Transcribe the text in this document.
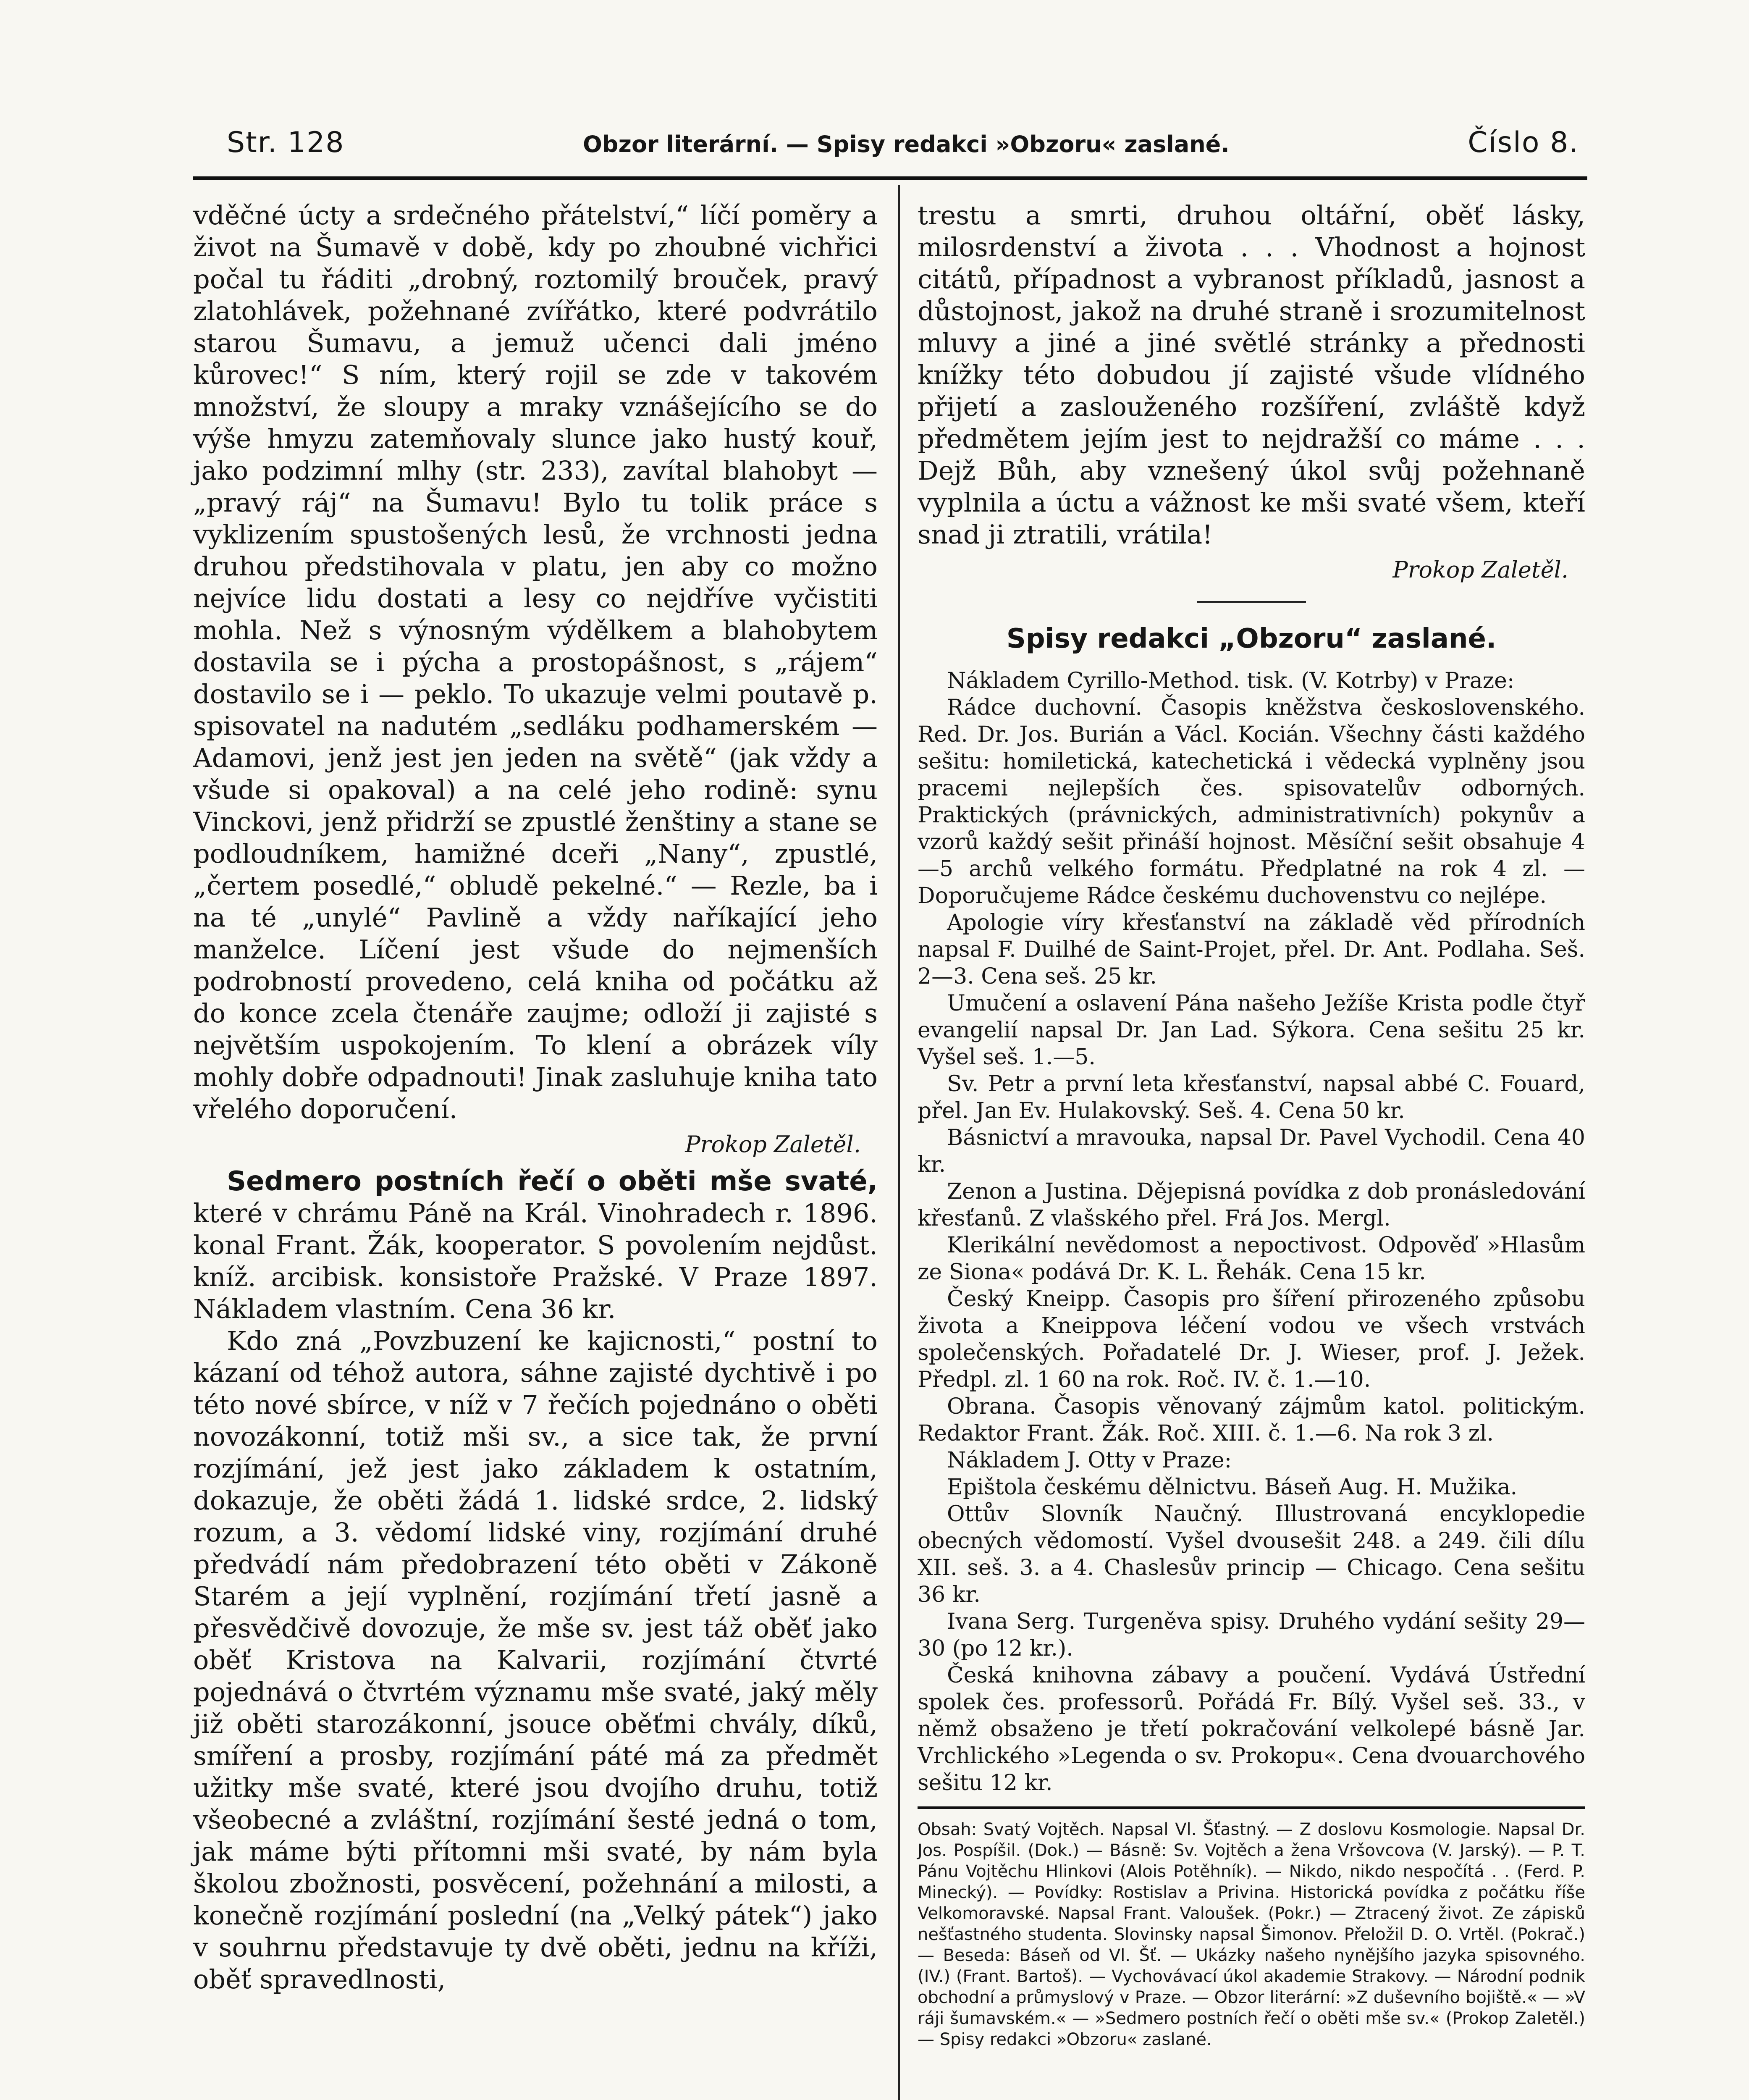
Str. 128	Obzor literární. — Spisy redakci »Obzoru« zaslané.	Číslo 8.

vděčné úcty a srdečného přátelství,“ líčí poměry a život na Šumavě v době, kdy po zhoubné vichřici počal tu řáditi „drobný, roztomilý brouček, pravý zlatohlávek, požehnané zvířátko, které podvrátilo starou Šumavu, a jemuž učenci dali jméno kůrovec!“ S ním, který rojil se zde v takovém množství, že sloupy a mraky vznášejícího se do výše hmyzu zatemňovaly slunce jako hustý kouř, jako podzimní mlhy (str. 233), zavítal blahobyt — „pravý ráj“ na Šumavu! Bylo tu tolik práce s vyklizením spustošených lesů, že vrchnosti jedna druhou předstihovala v platu, jen aby co možno nejvíce lidu dostati a lesy co nejdříve vyčistiti mohla. Než s výnosným výdělkem a blahobytem dostavila se i pýcha a prostopášnost, s „rájem“ dostavilo se i — peklo. To ukazuje velmi poutavě p. spisovatel na nadutém „sedláku podhamerském — Adamovi, jenž jest jen jeden na světě“ (jak vždy a všude si opakoval) a na celé jeho rodině: synu Vinckovi, jenž přidrží se zpustlé ženštiny a stane se podloudníkem, hamižné dceři „Nany“, zpustlé, „čertem posedlé,“ obludě pekelné.“ — Rezle, ba i na té „unylé“ Pavlině a vždy naříkající jeho manželce. Líčení jest všude do nejmenších podrobností provedeno, celá kniha od počátku až do konce zcela čtenáře zaujme; odloží ji zajisté s největším uspokojením. To klení a obrázek víly mohly dobře odpadnouti! Jinak zasluhuje kniha tato vřelého doporučení.

Prokop Zaletěl.

Sedmero postních řečí o oběti mše svaté, které v chrámu Páně na Král. Vinohradech r. 1896. konal Frant. Žák, kooperator. S povolením nejdůst. kníž. arcibisk. konsistoře Pražské. V Praze 1897. Nákladem vlastním. Cena 36 kr.

Kdo zná „Povzbuzení ke kajicnosti,“ postní to kázaní od téhož autora, sáhne zajisté dychtivě i po této nové sbírce, v níž v 7 řečích pojednáno o oběti novozákonní, totiž mši sv., a sice tak, že první rozjímání, jež jest jako základem k ostatním, dokazuje, že oběti žádá 1. lidské srdce, 2. lidský rozum, a 3. vědomí lidské viny, rozjímání druhé předvádí nám předobrazení této oběti v Zákoně Starém a její vyplnění, rozjímání třetí jasně a přesvědčivě dovozuje, že mše sv. jest táž oběť jako oběť Kristova na Kalvarii, rozjímání čtvrté pojednává o čtvrtém významu mše svaté, jaký měly již oběti starozákonní, jsouce oběťmi chvály, díků, smíření a prosby, rozjímání páté má za předmět užitky mše svaté, které jsou dvojího druhu, totiž všeobecné a zvláštní, rozjímání šesté jedná o tom, jak máme býti přítomni mši svaté, by nám byla školou zbožnosti, posvěcení, požehnání a milosti, a konečně rozjímání poslední (na „Velký pátek“) jako v souhrnu představuje ty dvě oběti, jednu na kříži, oběť spravedlnosti,

trestu a smrti, druhou oltářní, oběť lásky, milosrdenství a života . . . Vhodnost a hojnost citátů, případnost a vybranost příkladů, jasnost a důstojnost, jakož na druhé straně i srozumitelnost mluvy a jiné a jiné světlé stránky a přednosti knížky této dobudou jí zajisté všude vlídného přijetí a zaslouženého rozšíření, zvláště když předmětem jejím jest to nejdražší co máme . . . Dejž Bůh, aby vznešený úkol svůj požehnaně vyplnila a úctu a vážnost ke mši svaté všem, kteří snad ji ztratili, vrátila!

Prokop Zaletěl.

Spisy redakci „Obzoru“ zaslané.

Nákladem Cyrillo-Method. tisk. (V. Kotrby) v Praze:

Rádce duchovní. Časopis kněžstva československého. Red. Dr. Jos. Burián a Václ. Kocián. Všechny části každého sešitu: homiletická, katechetická i vědecká vyplněny jsou pracemi nejlepších čes. spisovatelův odborných. Praktických (právnických, administrativních) pokynův a vzorů každý sešit přináší hojnost. Měsíční sešit obsahuje 4—5 archů velkého formátu. Předplatné na rok 4 zl. — Doporučujeme Rádce českému duchovenstvu co nejlépe.

Apologie víry křesťanství na základě věd přírodních napsal F. Duilhé de Saint-Projet, přel. Dr. Ant. Podlaha. Seš. 2—3. Cena seš. 25 kr.

Umučení a oslavení Pána našeho Ježíše Krista podle čtyř evangelií napsal Dr. Jan Lad. Sýkora. Cena sešitu 25 kr. Vyšel seš. 1.—5.

Sv. Petr a první leta křesťanství, napsal abbé C. Fouard, přel. Jan Ev. Hulakovský. Seš. 4. Cena 50 kr.

Básnictví a mravouka, napsal Dr. Pavel Vychodil. Cena 40 kr.

Zenon a Justina. Dějepisná povídka z dob pronásledování křesťanů. Z vlašského přel. Frá Jos. Mergl.

Klerikální nevědomost a nepoctivost. Odpověď »Hlasům ze Siona« podává Dr. K. L. Řehák. Cena 15 kr.

Český Kneipp. Časopis pro šíření přirozeného způsobu života a Kneippova léčení vodou ve všech vrstvách společenských. Pořadatelé Dr. J. Wieser, prof. J. Ježek. Předpl. zl. 1 60 na rok. Roč. IV. č. 1.—10.

Obrana. Časopis věnovaný zájmům katol. politickým. Redaktor Frant. Žák. Roč. XIII. č. 1.—6. Na rok 3 zl.

Nákladem J. Otty v Praze:

Epištola českému dělnictvu. Báseň Aug. H. Mužika.

Ottův Slovník Naučný. Illustrovaná encyklopedie obecných vědomostí. Vyšel dvousešit 248. a 249. čili dílu XII. seš. 3. a 4. Chaslesův princip — Chicago. Cena sešitu 36 kr.

Ivana Serg. Turgeněva spisy. Druhého vydání sešity 29—30 (po 12 kr.).

Česká knihovna zábavy a poučení. Vydává Ústřední spolek čes. professorů. Pořádá Fr. Bílý. Vyšel seš. 33., v němž obsaženo je třetí pokračování velkolepé básně Jar. Vrchlického »Legenda o sv. Prokopu«. Cena dvouarchového sešitu 12 kr.

Obsah: Svatý Vojtěch. Napsal Vl. Šťastný. — Z doslovu Kosmologie. Napsal Dr. Jos. Pospíšil. (Dok.) — Básně: Sv. Vojtěch a žena Vršovcova (V. Jarský). — P. T. Pánu Vojtěchu Hlinkovi (Alois Potěhník). — Nikdo, nikdo nespočítá . . (Ferd. P. Minecký). — Povídky: Rostislav a Privina. Historická povídka z počátku říše Velkomoravské. Napsal Frant. Valoušek. (Pokr.) — Ztracený život. Ze zápisků nešťastného studenta. Slovinsky napsal Šimonov. Přeložil D. O. Vrtěl. (Pokrač.) — Beseda: Báseň od Vl. Šť. — Ukázky našeho nynějšího jazyka spisovného. (IV.) (Frant. Bartoš). — Vychovávací úkol akademie Strakovy. — Národní podnik obchodní a průmyslový v Praze. — Obzor literární: »Z duševního bojiště.« — »V ráji šumavském.« — »Sedmero postních řečí o oběti mše sv.« (Prokop Zaletěl.) — Spisy redakci »Obzoru« zaslané.
